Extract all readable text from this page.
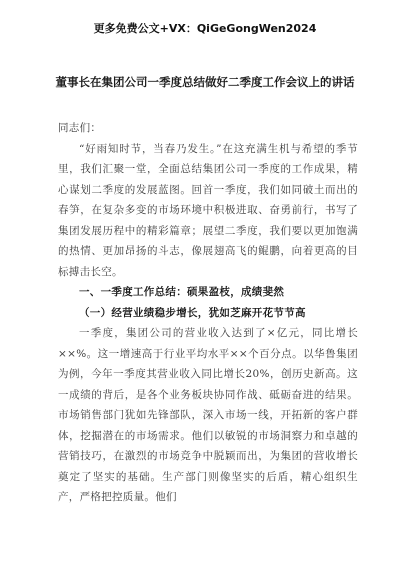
更多免费公文+VX：QiGeGongWen2024
董事长在集团公司一季度总结做好二季度工作会议上的讲话

同志们：

“好雨知时节，当春乃发生。”在这充满生机与希望的季节里，我们汇聚一堂，全面总结集团公司一季度的工作成果，精心谋划二季度的发展蓝图。回首一季度，我们如同破土而出的春笋，在复杂多变的市场环境中积极进取、奋勇前行，书写了集团发展历程中的精彩篇章；展望二季度，我们要以更加饱满的热情、更加昂扬的斗志，像展翅高飞的鲲鹏，向着更高的目标搏击长空。

一、一季度工作总结：硕果盈枝，成绩斐然

（一）经营业绩稳步增长，犹如芝麻开花节节高

一季度，集团公司的营业收入达到了×亿元，同比增长××%。这一增速高于行业平均水平××个百分点。以华鲁集团为例，今年一季度其营业收入同比增长20%，创历史新高。这一成绩的背后，是各个业务板块协同作战、砥砺奋进的结果。市场销售部门犹如先锋部队，深入市场一线，开拓新的客户群体，挖掘潜在的市场需求。他们以敏锐的市场洞察力和卓越的营销技巧，在激烈的市场竞争中脱颖而出，为集团的营收增长奠定了坚实的基础。生产部门则像坚实的后盾，精心组织生产，严格把控质量。他们
